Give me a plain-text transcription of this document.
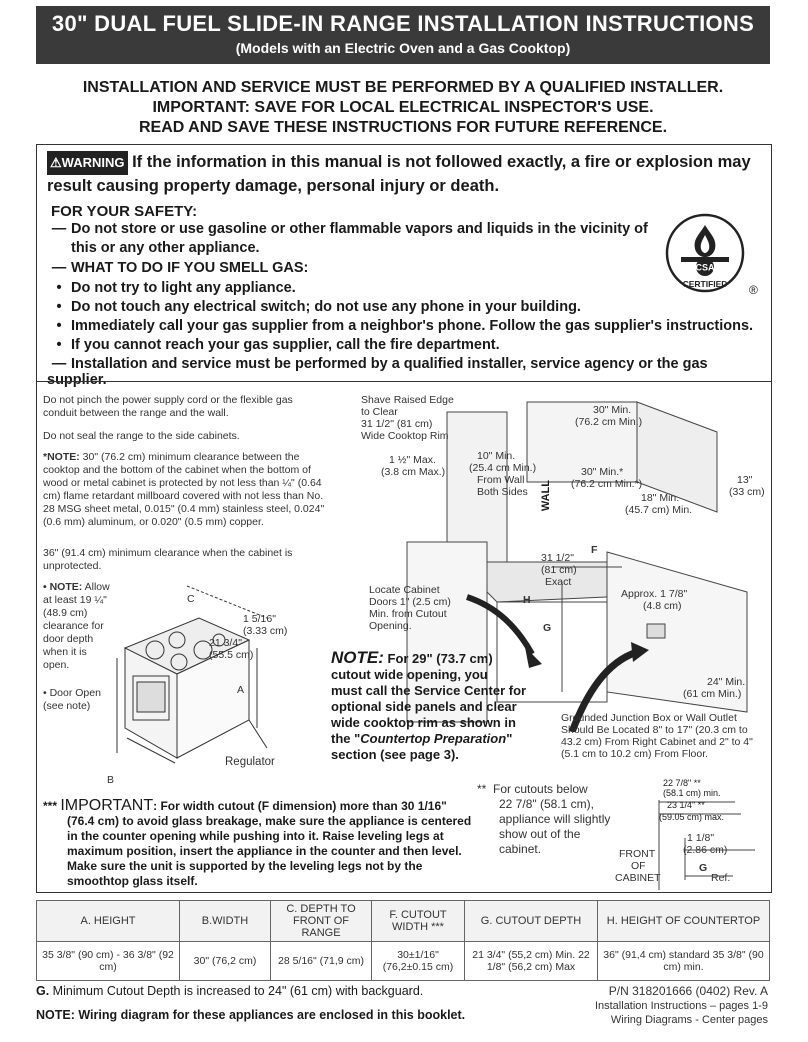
30" DUAL FUEL SLIDE-IN RANGE INSTALLATION INSTRUCTIONS
(Models with an Electric Oven and a Gas Cooktop)
INSTALLATION AND SERVICE MUST BE PERFORMED BY A QUALIFIED INSTALLER.
IMPORTANT: SAVE FOR LOCAL ELECTRICAL INSPECTOR'S USE.
READ AND SAVE THESE INSTRUCTIONS FOR FUTURE REFERENCE.
⚠WARNING If the information in this manual is not followed exactly, a fire or explosion may
result causing property damage, personal injury or death.
FOR YOUR SAFETY:
— Do not store or use gasoline or other flammable vapors and liquids in the vicinity of
this or any other appliance.
— WHAT TO DO IF YOU SMELL GAS:
• Do not try to light any appliance.
• Do not touch any electrical switch; do not use any phone in your building.
• Immediately call your gas supplier from a neighbor's phone. Follow the gas supplier's instructions.
• If you cannot reach your gas supplier, call the fire department.
— Installation and service must be performed by a qualified installer, service agency or the gas supplier.
CSA
CERTIFIED ®
Do not pinch the power supply cord or the flexible gas conduit between the range and the wall.
Do not seal the range to the side cabinets.
*NOTE: 30" (76.2 cm) minimum clearance between the cooktop and the bottom of the cabinet when the bottom of wood or metal cabinet is protected by not less than ¼" (0.64 cm) flame retardant millboard covered with not less than No. 28 MSG sheet metal, 0.015" (0.4 mm) stainless steel, 0.024" (0.6 mm) aluminum, or 0.020" (0.5 mm) copper.
36" (91.4 cm) minimum clearance when the cabinet is unprotected.
• NOTE: Allow at least 19 ¼" (48.9 cm) clearance for door depth when it is open.
• Door Open (see note)
C
A
B
1 5/16"
(3.33 cm)
21 3/4"
(55.5 cm)
Regulator
Shave Raised Edge
to Clear
31 1/2" (81 cm)
Wide Cooktop Rim
1 ½" Max.
(3.8 cm Max.)
10" Min.
(25.4 cm Min.)
From Wall
Both Sides WALL
30" Min.
(76.2 cm Min.)
30" Min.*
(76.2 cm Min.*)	13"
(33 cm)
18" Min.
(45.7 cm) Min.
F
31 1/2"
(81 cm)
Exact
H
G
Locate Cabinet
Doors 1" (2.5 cm)
Min. from Cutout
Opening.
Approx. 1 7/8"
(4.8 cm)
24" Min.
(61 cm Min.)
Grounded Junction Box or Wall Outlet Should Be Located 8" to 17" (20.3 cm to 43.2 cm) From Right Cabinet and 2" to 4" (5.1 cm to 10.2 cm) From Floor.
NOTE: For 29" (73.7 cm)
cutout wide opening, you
must call the Service Center for
optional side panels and clear
wide cooktop rim as shown in
the "Countertop Preparation"
section (see page 3).
*** IMPORTANT: For width cutout (F dimension) more than 30 1/16"
(76.4 cm) to avoid glass breakage, make sure the appliance is centered
in the counter opening while pushing into it. Raise leveling legs at
maximum position, insert the appliance in the counter and then level.
Make sure the unit is supported by the leveling legs not by the
smoothtop glass itself.
** For cutouts below
22 7/8" (58.1 cm),
appliance will slightly
show out of the
cabinet.
22 7/8" **
(58.1 cm) min.
23 1/4" **
(59.05 cm) max.
1 1/8"
(2.86 cm)
FRONT
OF
CABINET
G
Ref.
A. HEIGHT	B.WIDTH	C. DEPTH TO FRONT OF RANGE	F. CUTOUT WIDTH ***	G. CUTOUT DEPTH	H. HEIGHT OF COUNTERTOP
35 3/8" (90 cm) - 36 3/8" (92 cm)	30" (76,2 cm)	28 5/16" (71,9 cm)	30±1/16" (76,2±0.15 cm)	21 3/4" (55,2 cm) Min. 22 1/8" (56,2 cm) Max	36" (91,4 cm) standard 35 3/8" (90 cm) min.
G. Minimum Cutout Depth is increased to 24" (61 cm) with backguard.
NOTE: Wiring diagram for these appliances are enclosed in this booklet.
P/N 318201666 (0402) Rev. A
Installation Instructions – pages 1-9
Wiring Diagrams - Center pages
